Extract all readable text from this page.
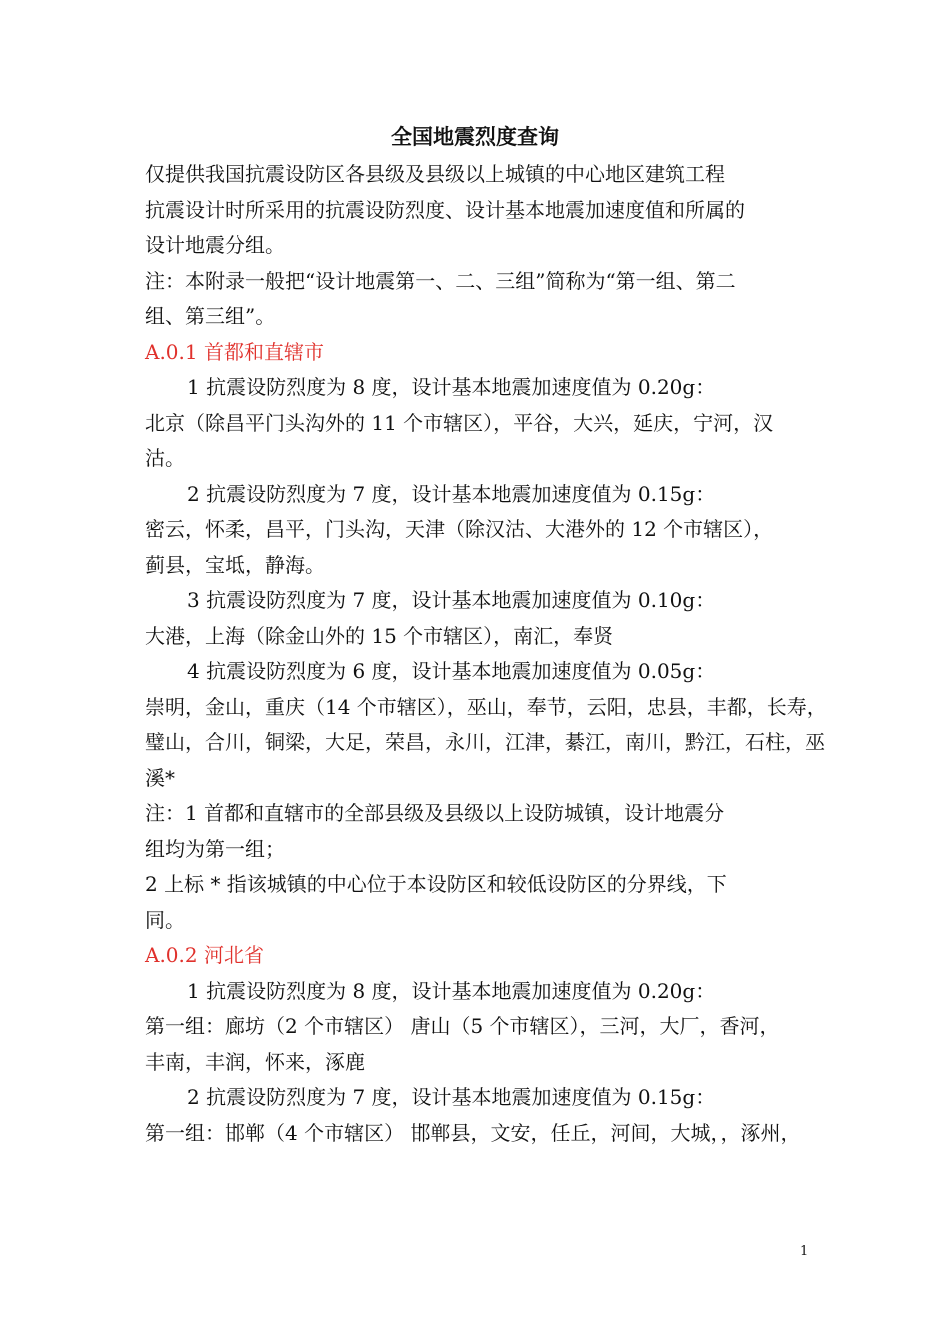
全国地震烈度查询
仅提供我国抗震设防区各县级及县级以上城镇的中心地区建筑工程
抗震设计时所采用的抗震设防烈度、设计基本地震加速度值和所属的
设计地震分组。
注：本附录一般把“设计地震第一、二、三组”简称为“第一组、第二
组、第三组”。
A.0.1 首都和直辖市
1 抗震设防烈度为 8 度，设计基本地震加速度值为 0.20g：
北京（除昌平门头沟外的 11 个市辖区），平谷，大兴，延庆，宁河，汉
沽。
2 抗震设防烈度为 7 度，设计基本地震加速度值为 0.15g：
密云，怀柔，昌平，门头沟，天津（除汉沽、大港外的 12 个市辖区），
蓟县，宝坻，静海。
3 抗震设防烈度为 7 度，设计基本地震加速度值为 0.10g：
大港，上海（除金山外的 15 个市辖区），南汇，奉贤
4 抗震设防烈度为 6 度，设计基本地震加速度值为 0.05g：
崇明，金山，重庆（14 个市辖区），巫山，奉节，云阳，忠县，丰都，长寿，
璧山，合川，铜梁，大足，荣昌，永川，江津，綦江，南川，黔江，石柱，巫
溪*
注：1 首都和直辖市的全部县级及县级以上设防城镇，设计地震分
组均为第一组；
2 上标 * 指该城镇的中心位于本设防区和较低设防区的分界线，下
同。
A.0.2 河北省
1 抗震设防烈度为 8 度，设计基本地震加速度值为 0.20g：
第一组：廊坊（2 个市辖区） 唐山（5 个市辖区），三河，大厂，香河，
丰南，丰润，怀来，涿鹿
2 抗震设防烈度为 7 度，设计基本地震加速度值为 0.15g：
第一组：邯郸（4 个市辖区） 邯郸县，文安，任丘，河间，大城，，涿州，
1
